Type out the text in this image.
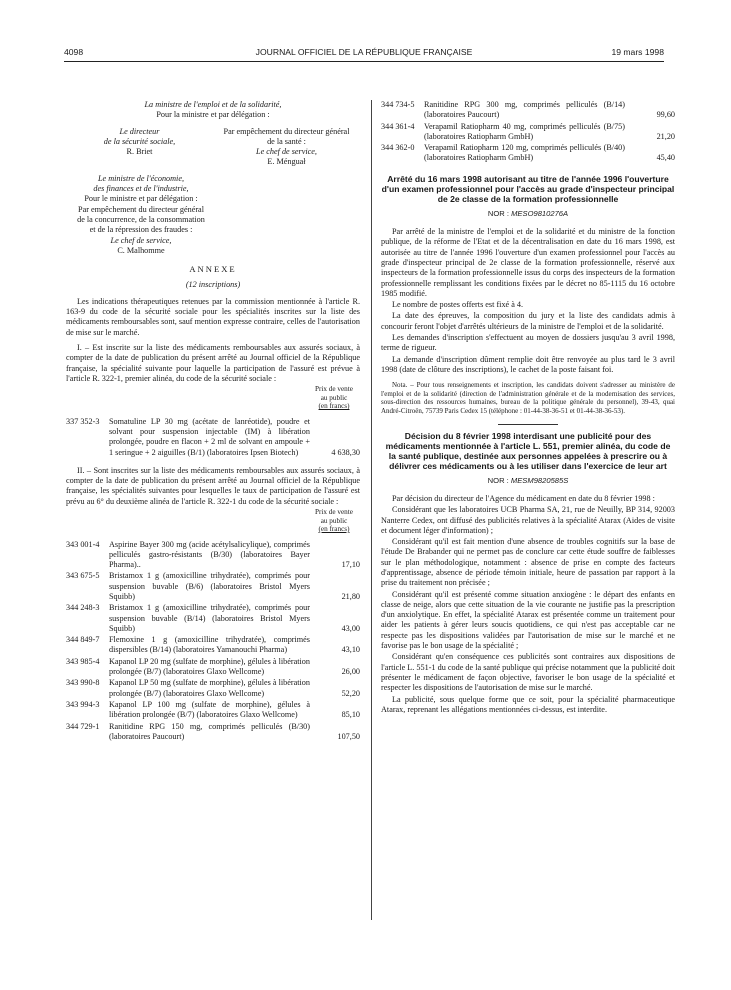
4098	JOURNAL OFFICIEL DE LA RÉPUBLIQUE FRANÇAISE	19 mars 1998
La ministre de l'emploi et de la solidarité,
Pour la ministre et par délégation :
Le directeur
de la sécurité sociale,
R. Briet
Par empêchement du directeur général
de la santé :
Le chef de service,
E. Ménguał
Le ministre de l'économie,
des finances et de l'industrie,
Pour le ministre et par délégation :
Par empêchement du directeur général
de la concurrence, de la consommation
et de la répression des fraudes :
Le chef de service,
C. Malhomme
ANNEXE
(12 inscriptions)

Les indications thérapeutiques retenues par la commission mentionnée à l'article R. 163-9 du code de la sécurité sociale pour les spécialités inscrites sur la liste des médicaments remboursables sont, sauf mention expresse contraire, celles de l'autorisation de mise sur le marché.

I. – Est inscrite sur la liste des médicaments remboursables aux assurés sociaux, à compter de la date de publication du présent arrêté au Journal officiel de la République française, la spécialité suivante pour laquelle la participation de l'assuré est prévue à l'article R. 322-1, premier alinéa, du code de la sécurité sociale :

Prix de vente
au public

(en francs)
337 352-3	Somatuline LP 30 mg (acétate de lanréotide), poudre et solvant pour suspension injectable (IM) à libération prolongée, poudre en flacon + 2 ml de solvant en ampoule + 1 seringue + 2 aiguilles (B/1) (laboratoires Ipsen Biotech)	4 638,30

II. – Sont inscrites sur la liste des médicaments remboursables aux assurés sociaux, à compter de la date de publication du présent arrêté au Journal officiel de la République française, les spécialités suivantes pour lesquelles le taux de participation de l'assuré est prévu au 6° du deuxième alinéa de l'article R. 322-1 du code de la sécurité sociale :

Prix de vente
au public

(en francs)
343 001-4	Aspirine Bayer 300 mg (acide acétylsalicylique), comprimés pelliculés gastro-résistants (B/30) (laboratoires Bayer Pharma)..	17,10
343 675-5	Bristamox 1 g (amoxicilline trihydratée), comprimés pour suspension buvable (B/6) (laboratoires Bristol Myers Squibb)	21,80
344 248-3	Bristamox 1 g (amoxicilline trihydratée), comprimés pour suspension buvable (B/14) (laboratoires Bristol Myers Squibb)	43,00
344 849-7	Flemoxine 1 g (amoxicilline trihydratée), comprimés dispersibles (B/14) (laboratoires Yamanouchi Pharma)	43,10
343 985-4	Kapanol LP 20 mg (sulfate de morphine), gélules à libération prolongée (B/7) (laboratoires Glaxo Wellcome)	26,00
343 990-8	Kapanol LP 50 mg (sulfate de morphine), gélules à libération prolongée (B/7) (laboratoires Glaxo Wellcome)	52,20
343 994-3	Kapanol LP 100 mg (sulfate de morphine), gélules à libération prolongée (B/7) (laboratoires Glaxo Wellcome)	85,10
344 729-1	Ranitidine RPG 150 mg, comprimés pelliculés (B/30) (laboratoires Paucourt)	107,50
344 734-5	Ranitidine RPG 300 mg, comprimés pelliculés (B/14) (laboratoires Paucourt)	99,60
344 361-4	Verapamil Ratiopharm 40 mg, comprimés pelliculés (B/75) (laboratoires Ratiopharm GmbH)	21,20
344 362-0	Verapamil Ratiopharm 120 mg, comprimés pelliculés (B/40) (laboratoires Ratiopharm GmbH)	45,40
Arrêté du 16 mars 1998 autorisant au titre de l'année 1996 l'ouverture d'un examen professionnel pour l'accès au grade d'inspecteur principal de 2e classe de la formation professionnelle
NOR : MESO9810276A

Par arrêté de la ministre de l'emploi et de la solidarité et du ministre de la fonction publique, de la réforme de l'Etat et de la décentralisation en date du 16 mars 1998, est autorisée au titre de l'année 1996 l'ouverture d'un examen professionnel pour l'accès au grade d'inspecteur principal de 2e classe de la formation professionnelle, réservé aux inspecteurs de la formation professionnelle issus du corps des inspecteurs de la formation professionnelle remplissant les conditions fixées par le décret no 85-1115 du 16 octobre 1985 modifié.

Le nombre de postes offerts est fixé à 4.

La date des épreuves, la composition du jury et la liste des candidats admis à concourir feront l'objet d'arrêtés ultérieurs de la ministre de l'emploi et de la solidarité.

Les demandes d'inscription s'effectuent au moyen de dossiers jusqu'au 3 avril 1998, terme de rigueur.

La demande d'inscription dûment remplie doit être renvoyée au plus tard le 3 avril 1998 (date de clôture des inscriptions), le cachet de la poste faisant foi.

Nota. – Pour tous renseignements et inscription, les candidats doivent s'adresser au ministère de l'emploi et de la solidarité (direction de l'administration générale et de la modernisation des services, sous-direction des ressources humaines, bureau de la politique générale du personnel), 39-43, quai André-Citroën, 75739 Paris Cedex 15 (téléphone : 01-44-38-36-51 et 01-44-38-36-53).

Décision du 8 février 1998 interdisant une publicité pour des médicaments mentionnée à l'article L. 551, premier alinéa, du code de la santé publique, destinée aux personnes appelées à prescrire ou à délivrer ces médicaments ou à les utiliser dans l'exercice de leur art
NOR : MESM9820585S

Par décision du directeur de l'Agence du médicament en date du 8 février 1998 :

Considérant que les laboratoires UCB Pharma SA, 21, rue de Neuilly, BP 314, 92003 Nanterre Cedex, ont diffusé des publicités relatives à la spécialité Atarax (Aides de visite et document léger d'information) ;

Considérant qu'il est fait mention d'une absence de troubles cognitifs sur la base de l'étude De Brabander qui ne permet pas de conclure car cette étude souffre de faiblesses sur le plan méthodologique, notamment : absence de prise en compte des facteurs d'apprentissage, absence de période témoin initiale, heure de passation par rapport à la prise du traitement non précisée ;

Considérant qu'il est présenté comme situation anxiogène : le départ des enfants en classe de neige, alors que cette situation de la vie courante ne justifie pas la prescription d'un anxiolytique. En effet, la spécialité Atarax est présentée comme un traitement pour aider les patients à gérer leurs soucis quotidiens, ce qui n'est pas acceptable car ne respecte pas les dispositions validées par l'autorisation de mise sur le marché et ne favorise pas le bon usage de la spécialité ;

Considérant qu'en conséquence ces publicités sont contraires aux dispositions de l'article L. 551-1 du code de la santé publique qui précise notamment que la publicité doit présenter le médicament de façon objective, favoriser le bon usage de la spécialité et respecter les dispositions de l'autorisation de mise sur le marché.

La publicité, sous quelque forme que ce soit, pour la spécialité pharmaceutique Atarax, reprenant les allégations mentionnées ci-dessus, est interdite.
